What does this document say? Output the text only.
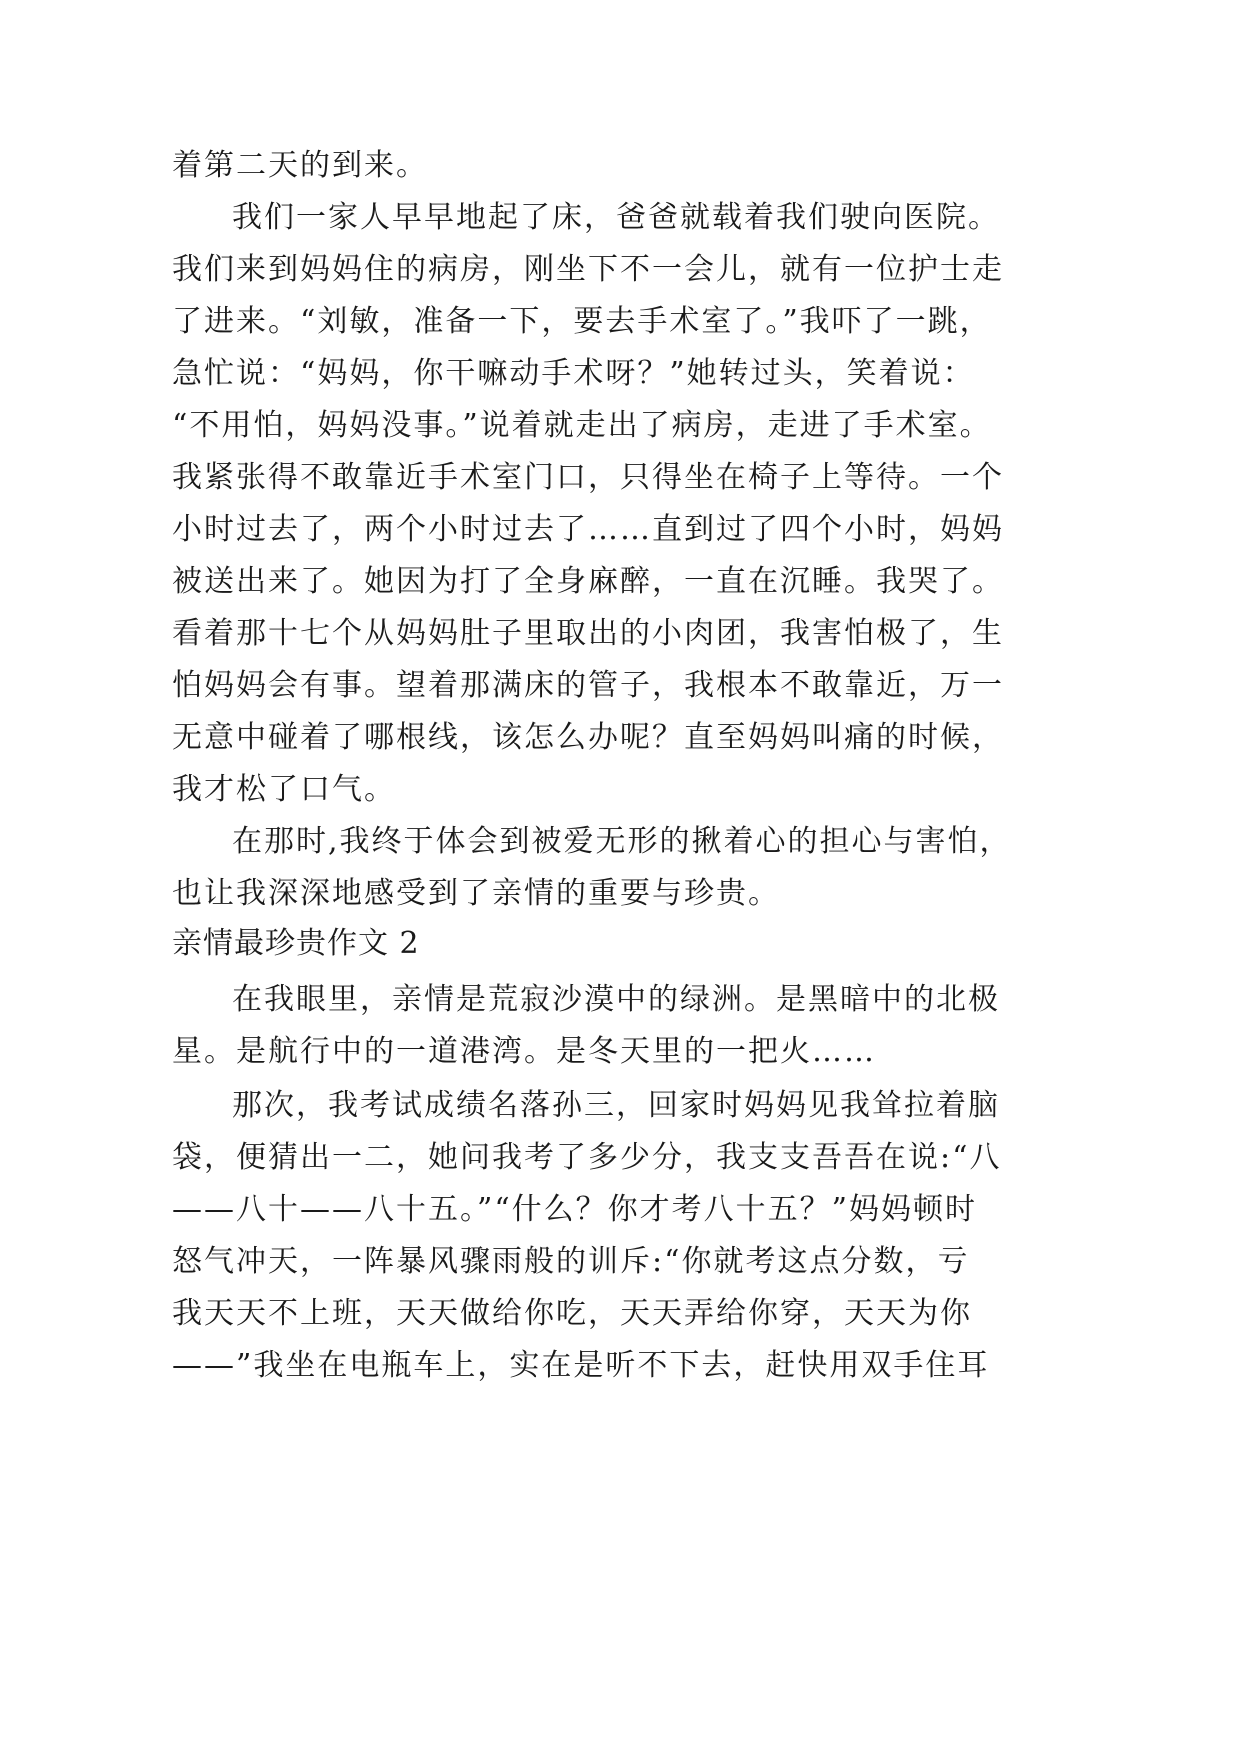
着第二天的到来。

我们一家人早早地起了床，爸爸就载着我们驶向医院。

我们来到妈妈住的病房，刚坐下不一会儿，就有一位护士走

了进来。“刘敏，准备一下，要去手术室了。”我吓了一跳，

急忙说：“妈妈，你干嘛动手术呀？”她转过头，笑着说：

“不用怕，妈妈没事。”说着就走出了病房，走进了手术室。

我紧张得不敢靠近手术室门口，只得坐在椅子上等待。一个

小时过去了，两个小时过去了……直到过了四个小时，妈妈

被送出来了。她因为打了全身麻醉，一直在沉睡。我哭了。

看着那十七个从妈妈肚子里取出的小肉团，我害怕极了，生

怕妈妈会有事。望着那满床的管子，我根本不敢靠近，万一

无意中碰着了哪根线，该怎么办呢？直至妈妈叫痛的时候，

我才松了口气。

在那时,我终于体会到被爱无形的揪着心的担心与害怕，

也让我深深地感受到了亲情的重要与珍贵。

亲情最珍贵作文 2

在我眼里，亲情是荒寂沙漠中的绿洲。是黑暗中的北极

星。是航行中的一道港湾。是冬天里的一把火……

那次，我考试成绩名落孙三，回家时妈妈见我耸拉着脑

袋，便猜出一二，她问我考了多少分，我支支吾吾在说:“八

——八十——八十五。”“什么？你才考八十五？”妈妈顿时

怒气冲天，一阵暴风骤雨般的训斥:“你就考这点分数，亏

我天天不上班，天天做给你吃，天天弄给你穿，天天为你

——”我坐在电瓶车上，实在是听不下去，赶快用双手住耳
